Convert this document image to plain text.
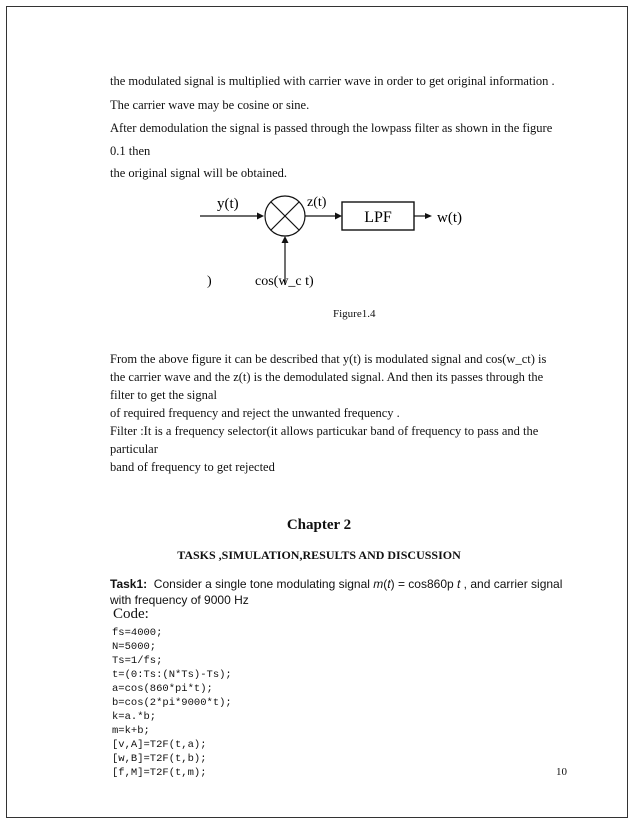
the modulated signal is multiplied with carrier wave in order to get original information .
The carrier wave may be cosine or sine.
After demodulation the signal is passed through the lowpass filter as shown in the figure
0.1 then
the original signal will be obtained.
y(t)	z(t)
LPF	w(t)
cos(w_c t)
)
Figure1.4
From the above figure it can be described that y(t) is modulated signal and cos(w_ct) is
the carrier wave and the z(t) is the demodulated signal. And then its passes through the
filter to get the signal
of required frequency and reject the unwanted frequency .
Filter :It is a frequency selector(it allows particukar band of frequency to pass and the
particular
band of frequency to get rejected
Chapter 2
TASKS ,SIMULATION,RESULTS AND DISCUSSION
Task1:  Consider a single tone modulating signal m(t) = cos860p t , and carrier signal
with frequency of 9000 Hz
Code:
fs=4000;
N=5000;
Ts=1/fs;
t=(0:Ts:(N*Ts)-Ts);
a=cos(860*pi*t);
b=cos(2*pi*9000*t);
k=a.*b;
m=k+b;
[v,A]=T2F(t,a);
[w,B]=T2F(t,b);
[f,M]=T2F(t,m);	10
